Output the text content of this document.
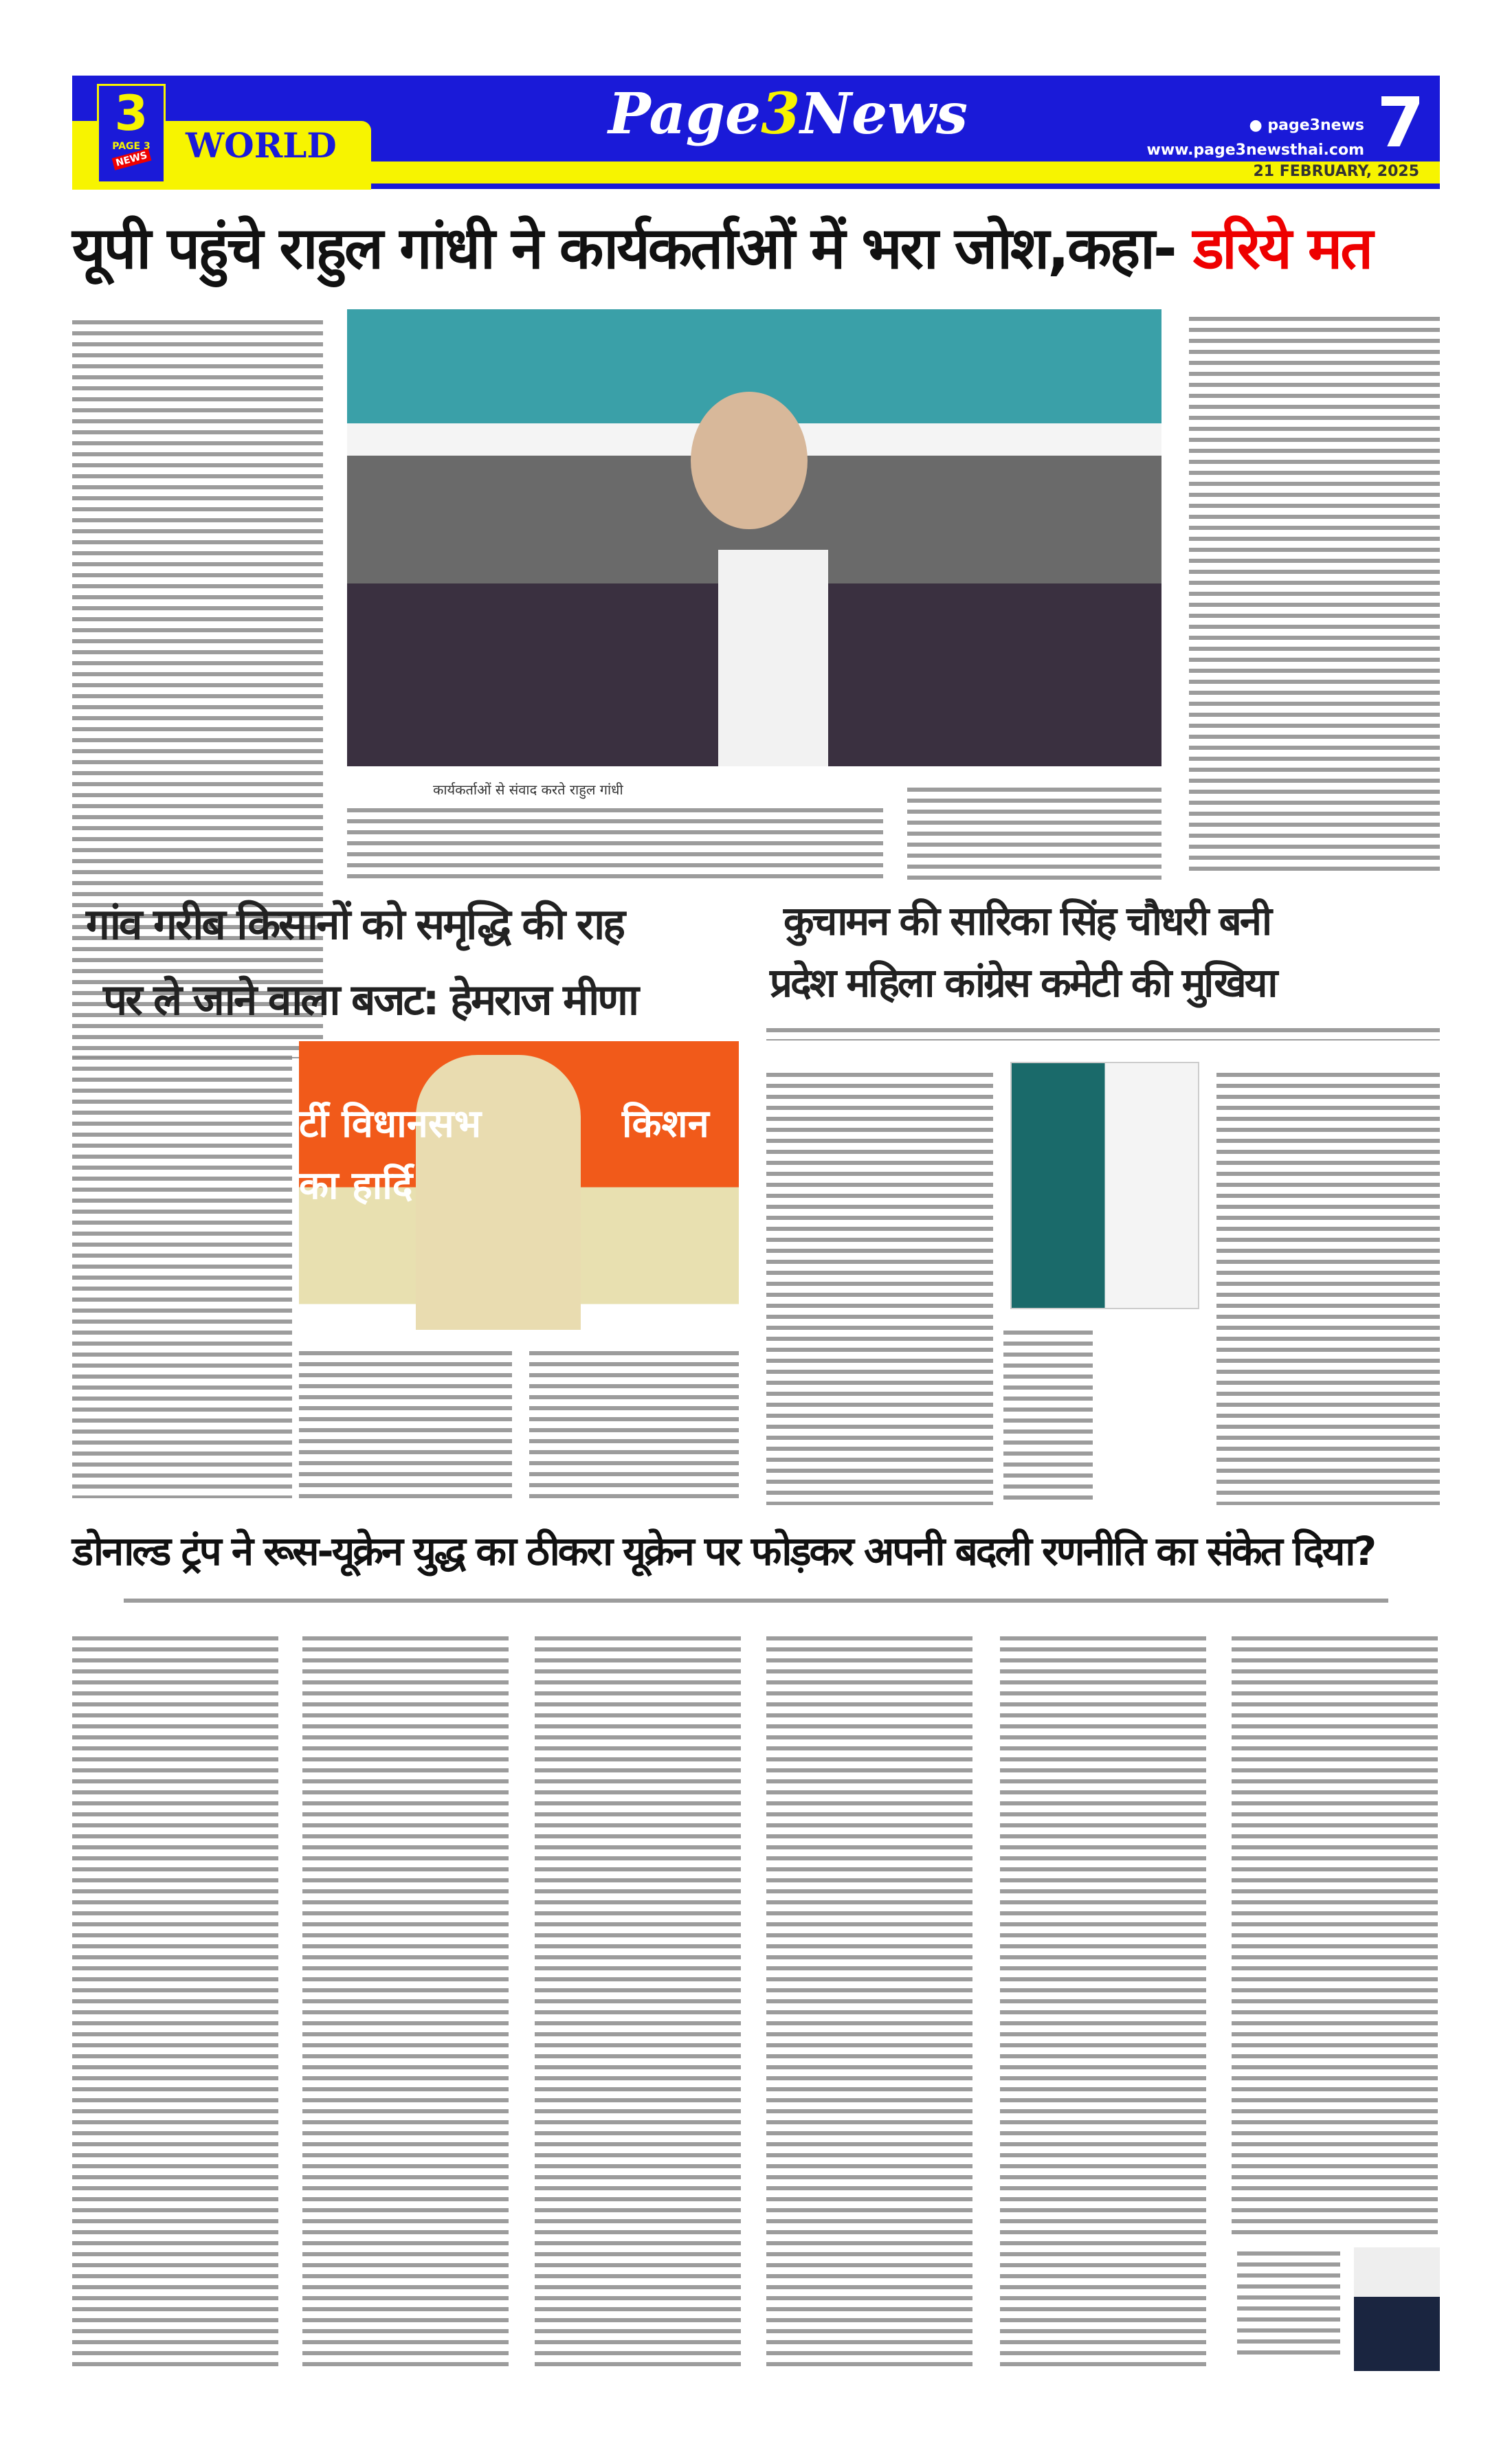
3
PAGE 3
NEWS	WORLD	Page3News	● page3news
www.page3newsthai.com 7
21 FEBRUARY, 2025
यूपी पहुंचे राहुल गांधी ने कार्यकर्ताओं में भरा जोश,कहा- डरिये मत
कार्यकर्ताओं से संवाद करते राहुल गांधी
गांव गरीब किसानों को समृद्धि की राह
पर ले जाने वाला बजट: हेमराज मीणा
र्टी विधानसभ	किशन
का हार्दि
कुचामन की सारिका सिंह चौधरी बनी
प्रदेश महिला कांग्रेस कमेटी की मुखिया
डोनाल्ड ट्रंप ने रूस-यूक्रेन युद्ध का ठीकरा यूक्रेन पर फोड़कर अपनी बदली रणनीति का संकेत दिया?
